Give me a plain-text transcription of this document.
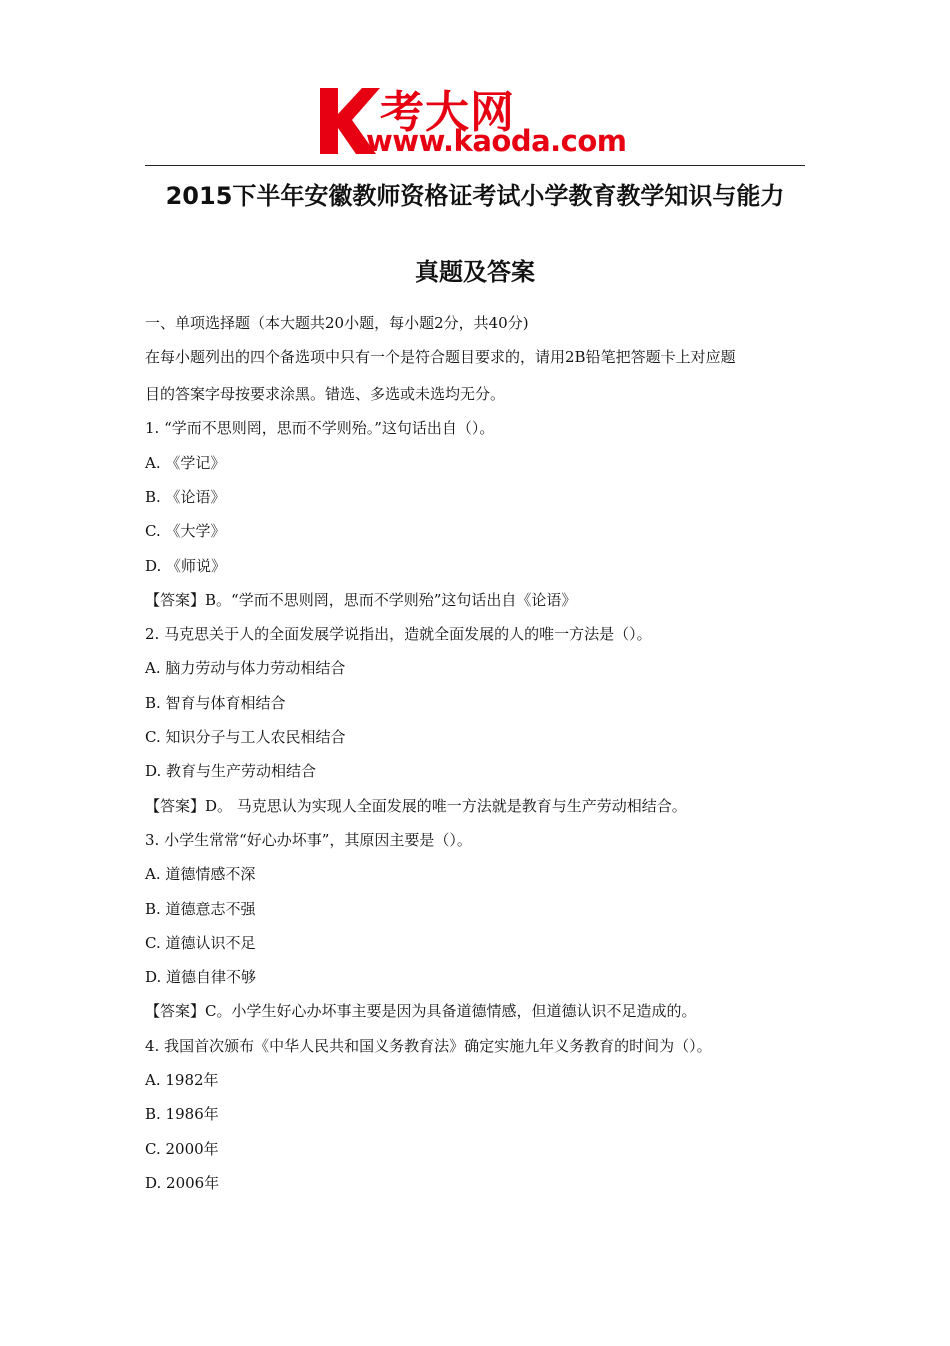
考大网
www.kaoda.com
2015下半年安徽教师资格证考试小学教育教学知识与能力
真题及答案
一、单项选择题（本大题共20小题，每小题2分，共40分)
在每小题列出的四个备选项中只有一个是符合题目要求的，请用2B铅笔把答题卡上对应题
目的答案字母按要求涂黑。错选、多选或未选均无分。
1. “学而不思则罔，思而不学则殆。”这句话出自（）。
A. 《学记》
B. 《论语》
C. 《大学》
D. 《师说》
【答案】B。“学而不思则罔，思而不学则殆”这句话出自《论语》
2. 马克思关于人的全面发展学说指出，造就全面发展的人的唯一方法是（）。
A. 脑力劳动与体力劳动相结合
B. 智育与体育相结合
C. 知识分子与工人农民相结合
D. 教育与生产劳动相结合
【答案】D。 马克思认为实现人全面发展的唯一方法就是教育与生产劳动相结合。
3. 小学生常常“好心办坏事”，其原因主要是（）。
A. 道德情感不深
B. 道德意志不强
C. 道德认识不足
D. 道德自律不够
【答案】C。小学生好心办坏事主要是因为具备道德情感，但道德认识不足造成的。
4. 我国首次颁布《中华人民共和国义务教育法》确定实施九年义务教育的时间为（）。
A. 1982年
B. 1986年
C. 2000年
D. 2006年
